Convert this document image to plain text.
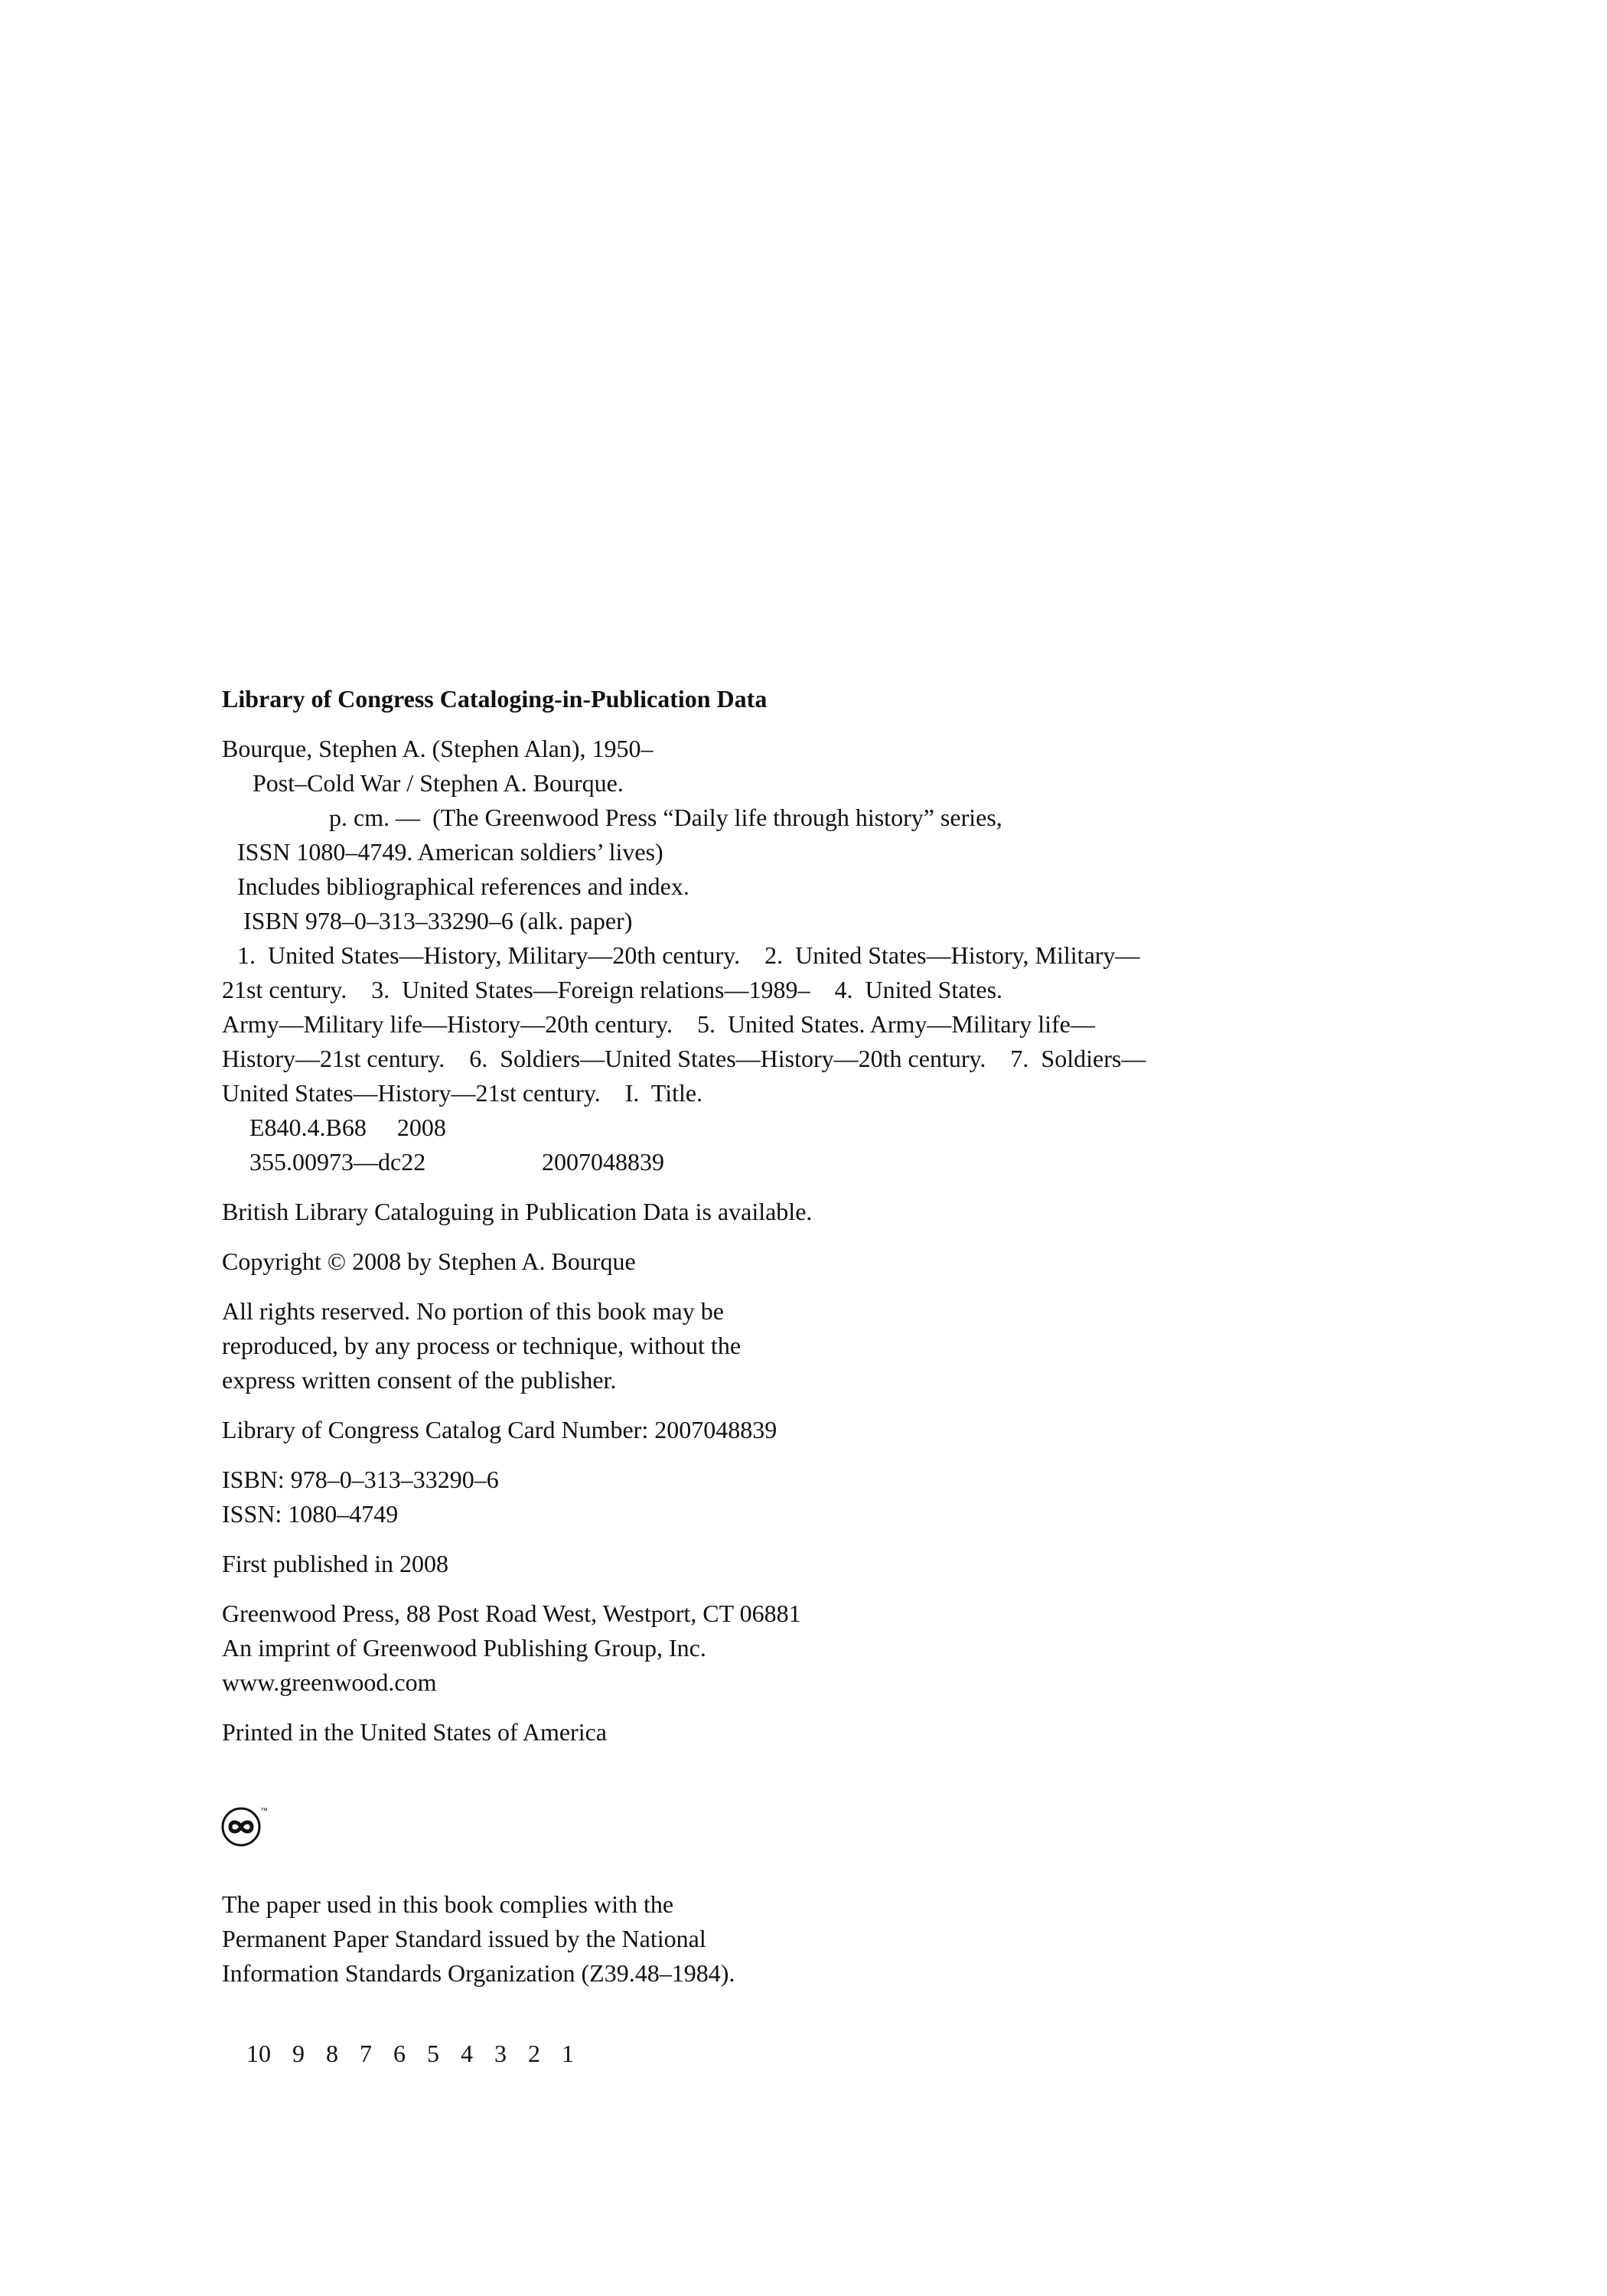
Library of Congress Cataloging-in-Publication Data

Bourque, Stephen A. (Stephen Alan), 1950–

Post–Cold War / Stephen A. Bourque.

p. cm. —  (The Greenwood Press “Daily life through history” series,

ISSN 1080–4749. American soldiers’ lives)

Includes bibliographical references and index.

ISBN 978–0–313–33290–6 (alk. paper)

1.  United States—History, Military—20th century.    2.  United States—History, Military—

21st century.    3.  United States—Foreign relations—1989–    4.  United States.

Army—Military life—History—20th century.    5.  United States. Army—Military life—

History—21st century.    6.  Soldiers—United States—History—20th century.    7.  Soldiers—

United States—History—21st century.    I.  Title.

E840.4.B68     2008

355.00973—dc22	2007048839

British Library Cataloguing in Publication Data is available.

Copyright © 2008 by Stephen A. Bourque

All rights reserved. No portion of this book may be

reproduced, by any process or technique, without the

express written consent of the publisher.

Library of Congress Catalog Card Number: 2007048839

ISBN: 978–0–313–33290–6

ISSN: 1080–4749

First published in 2008

Greenwood Press, 88 Post Road West, Westport, CT 06881

An imprint of Greenwood Publishing Group, Inc.

www.greenwood.com

Printed in the United States of America

™

The paper used in this book complies with the

Permanent Paper Standard issued by the National

Information Standards Organization (Z39.48–1984).

10 9 8 7 6 5 4 3 2 1
